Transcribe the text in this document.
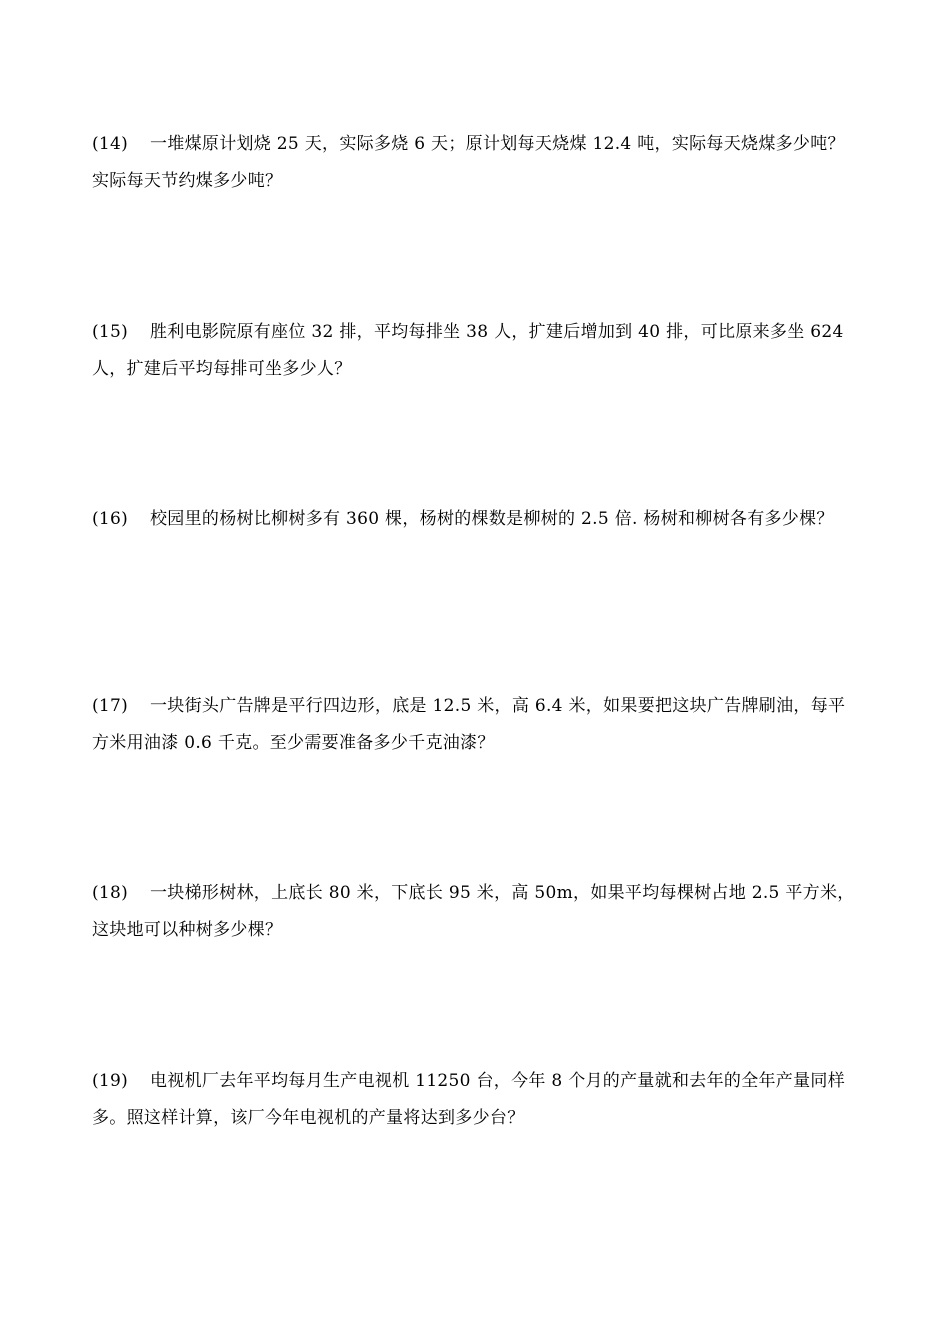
(14) 一堆煤原计划烧 25 天，实际多烧 6 天；原计划每天烧煤 12.4 吨，实际每天烧煤多少吨？实际每天节约煤多少吨？
(15) 胜利电影院原有座位 32 排，平均每排坐 38 人，扩建后增加到 40 排，可比原来多坐 624 人，扩建后平均每排可坐多少人？
(16) 校园里的杨树比柳树多有 360 棵，杨树的棵数是柳树的 2.5 倍. 杨树和柳树各有多少棵？
(17) 一块街头广告牌是平行四边形，底是 12.5 米，高 6.4 米，如果要把这块广告牌刷油，每平方米用油漆 0.6 千克。至少需要准备多少千克油漆？
(18) 一块梯形树林，上底长 80 米，下底长 95 米，高 50m，如果平均每棵树占地 2.5 平方米，这块地可以种树多少棵？
(19) 电视机厂去年平均每月生产电视机 11250 台，今年 8 个月的产量就和去年的全年产量同样多。照这样计算，该厂今年电视机的产量将达到多少台？
